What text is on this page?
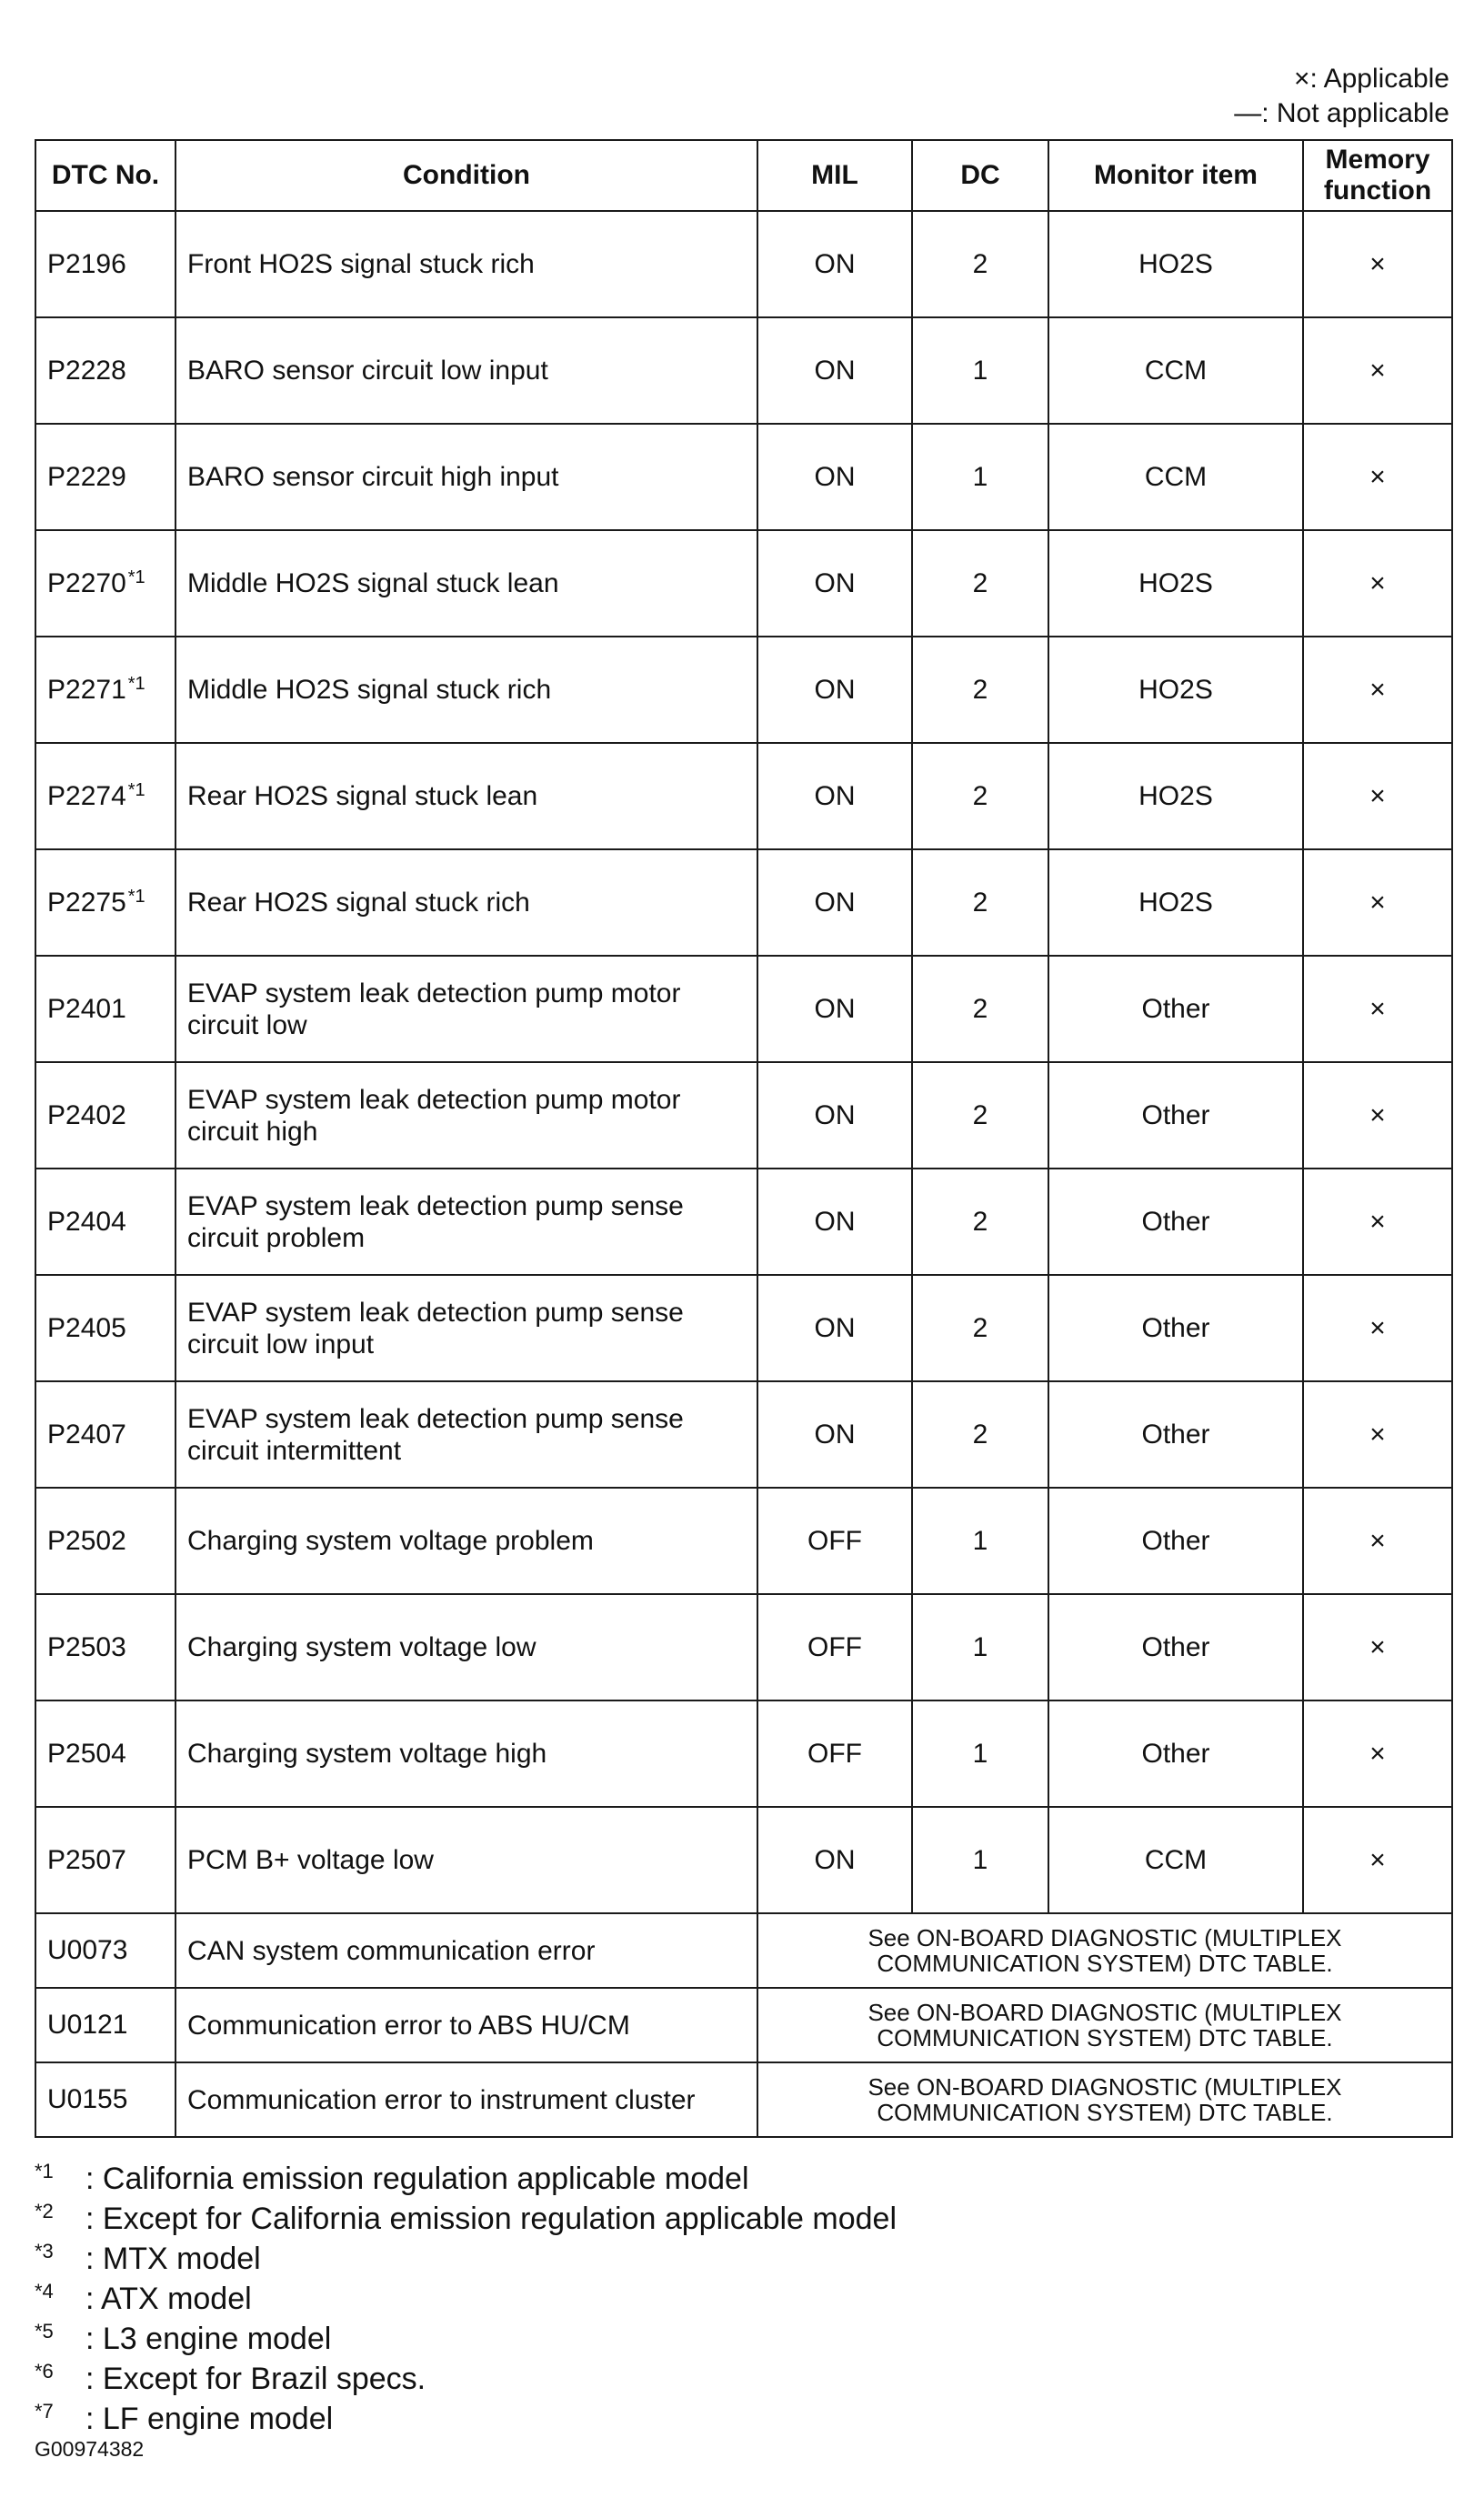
×: Applicable
—: Not applicable
DTC No.	Condition	MIL	DC	Monitor item	Memory
function

P2196	Front HO2S signal stuck rich	ON	2	HO2S	×
P2228	BARO sensor circuit low input	ON	1	CCM	×
P2229	BARO sensor circuit high input	ON	1	CCM	×
P2270 $^{*1}$	Middle HO2S signal stuck lean	ON	2	HO2S	×
P2271 $^{*1}$	Middle HO2S signal stuck rich	ON	2	HO2S	×
P2274 $^{*1}$	Rear HO2S signal stuck lean	ON	2	HO2S	×
P2275 $^{*1}$	Rear HO2S signal stuck rich	ON	2	HO2S	×
P2401	EVAP system leak detection pump motor circuit low	ON	2	Other	×
P2402	EVAP system leak detection pump motor circuit high	ON	2	Other	×
P2404	EVAP system leak detection pump sense circuit problem	ON	2	Other	×
P2405	EVAP system leak detection pump sense circuit low input	ON	2	Other	×
P2407	EVAP system leak detection pump sense circuit intermittent	ON	2	Other	×
P2502	Charging system voltage problem	OFF	1	Other	×
P2503	Charging system voltage low	OFF	1	Other	×
P2504	Charging system voltage high	OFF	1	Other	×
P2507	PCM B+ voltage low	ON	1	CCM	×
U0073	CAN system communication error	See ON-BOARD DIAGNOSTIC (MULTIPLEX
COMMUNICATION SYSTEM) DTC TABLE.			

U0121	Communication error to ABS HU/CM	See ON-BOARD DIAGNOSTIC (MULTIPLEX
COMMUNICATION SYSTEM) DTC TABLE.			

U0155	Communication error to instrument cluster	See ON-BOARD DIAGNOSTIC (MULTIPLEX
COMMUNICATION SYSTEM) DTC TABLE.			
*1	: California emission regulation applicable model
*2	: Except for California emission regulation applicable model
*3	: MTX model
*4	: ATX model
*5	: L3 engine model
*6	: Except for Brazil specs.
*7	: LF engine model
G00974382
